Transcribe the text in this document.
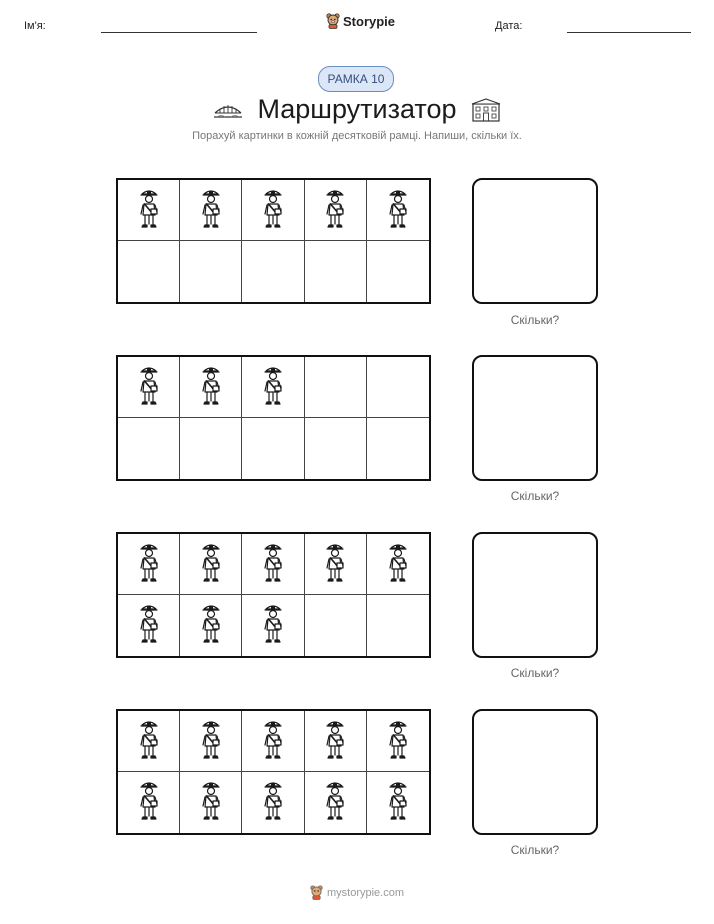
Ім'я:	Storypie	Дата:
РАМКА 10
Маршрутизатор
Порахуй картинки в кожній десятковій рамці. Напиши, скільки їх.
Скільки?
Скільки?
Скільки?
Скільки?
mystorypie.com
